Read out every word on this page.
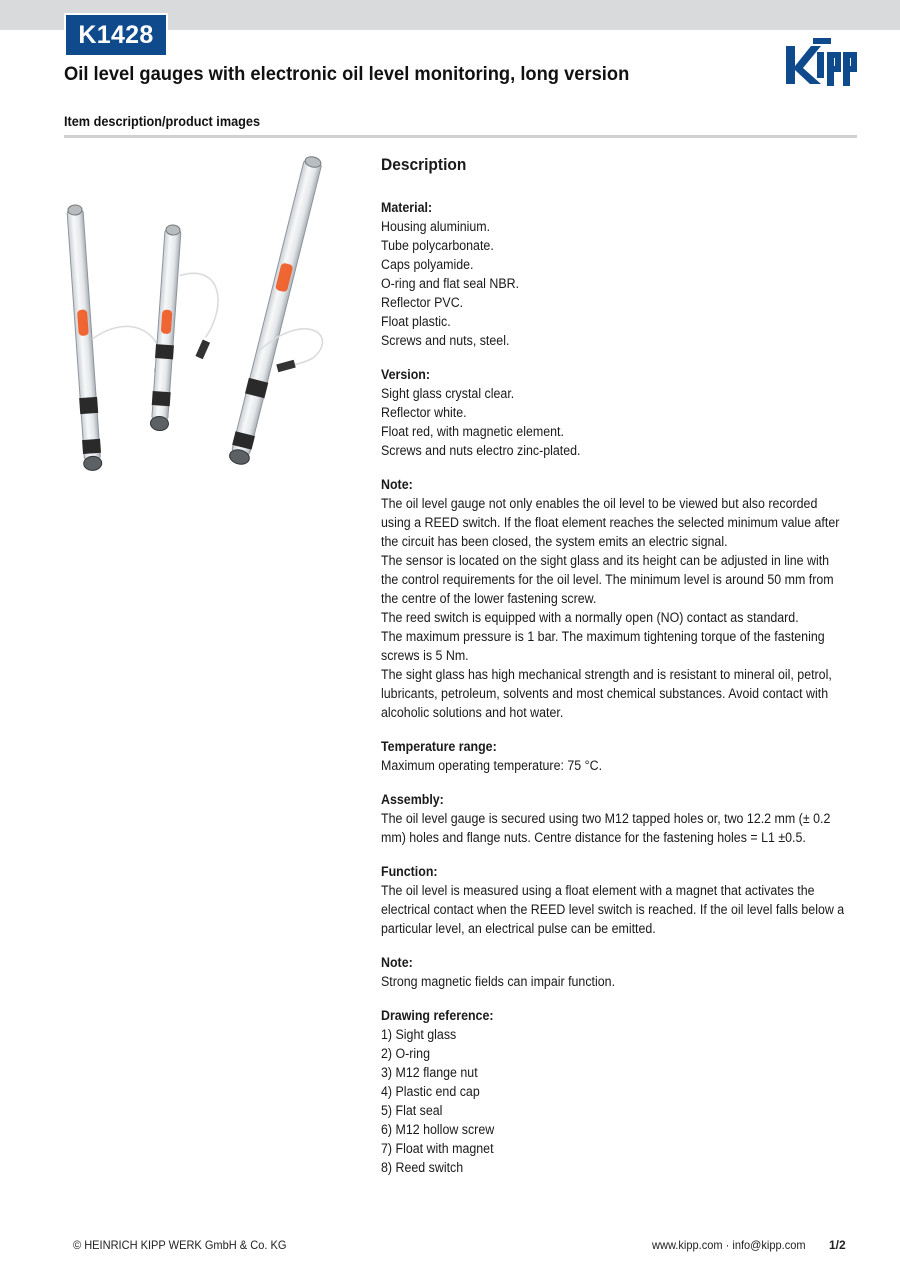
K1428
Oil level gauges with electronic oil level monitoring, long version
Item description/product images
Description
Material:
Housing aluminium.
Tube polycarbonate.
Caps polyamide.
O-ring and flat seal NBR.
Reflector PVC.
Float plastic.
Screws and nuts, steel.
Version:
Sight glass crystal clear.
Reflector white.
Float red, with magnetic element.
Screws and nuts electro zinc-plated.
Note:
The oil level gauge not only enables the oil level to be viewed but also recorded
using a REED switch. If the float element reaches the selected minimum value after
the circuit has been closed, the system emits an electric signal.
The sensor is located on the sight glass and its height can be adjusted in line with
the control requirements for the oil level. The minimum level is around 50 mm from
the centre of the lower fastening screw.
The reed switch is equipped with a normally open (NO) contact as standard.
The maximum pressure is 1 bar. The maximum tightening torque of the fastening
screws is 5 Nm.
The sight glass has high mechanical strength and is resistant to mineral oil, petrol,
lubricants, petroleum, solvents and most chemical substances. Avoid contact with
alcoholic solutions and hot water.
Temperature range:
Maximum operating temperature: 75 °C.
Assembly:
The oil level gauge is secured using two M12 tapped holes or, two 12.2 mm (± 0.2
mm) holes and flange nuts. Centre distance for the fastening holes = L1 ±0.5.
Function:
The oil level is measured using a float element with a magnet that activates the
electrical contact when the REED level switch is reached. If the oil level falls below a
particular level, an electrical pulse can be emitted.
Note:
Strong magnetic fields can impair function.
Drawing reference:
1) Sight glass
2) O-ring
3) M12 flange nut
4) Plastic end cap
5) Flat seal
6) M12 hollow screw
7) Float with magnet
8) Reed switch
© HEINRICH KIPP WERK GmbH & Co. KG	www.kipp.com · info@kipp.com 1/2
